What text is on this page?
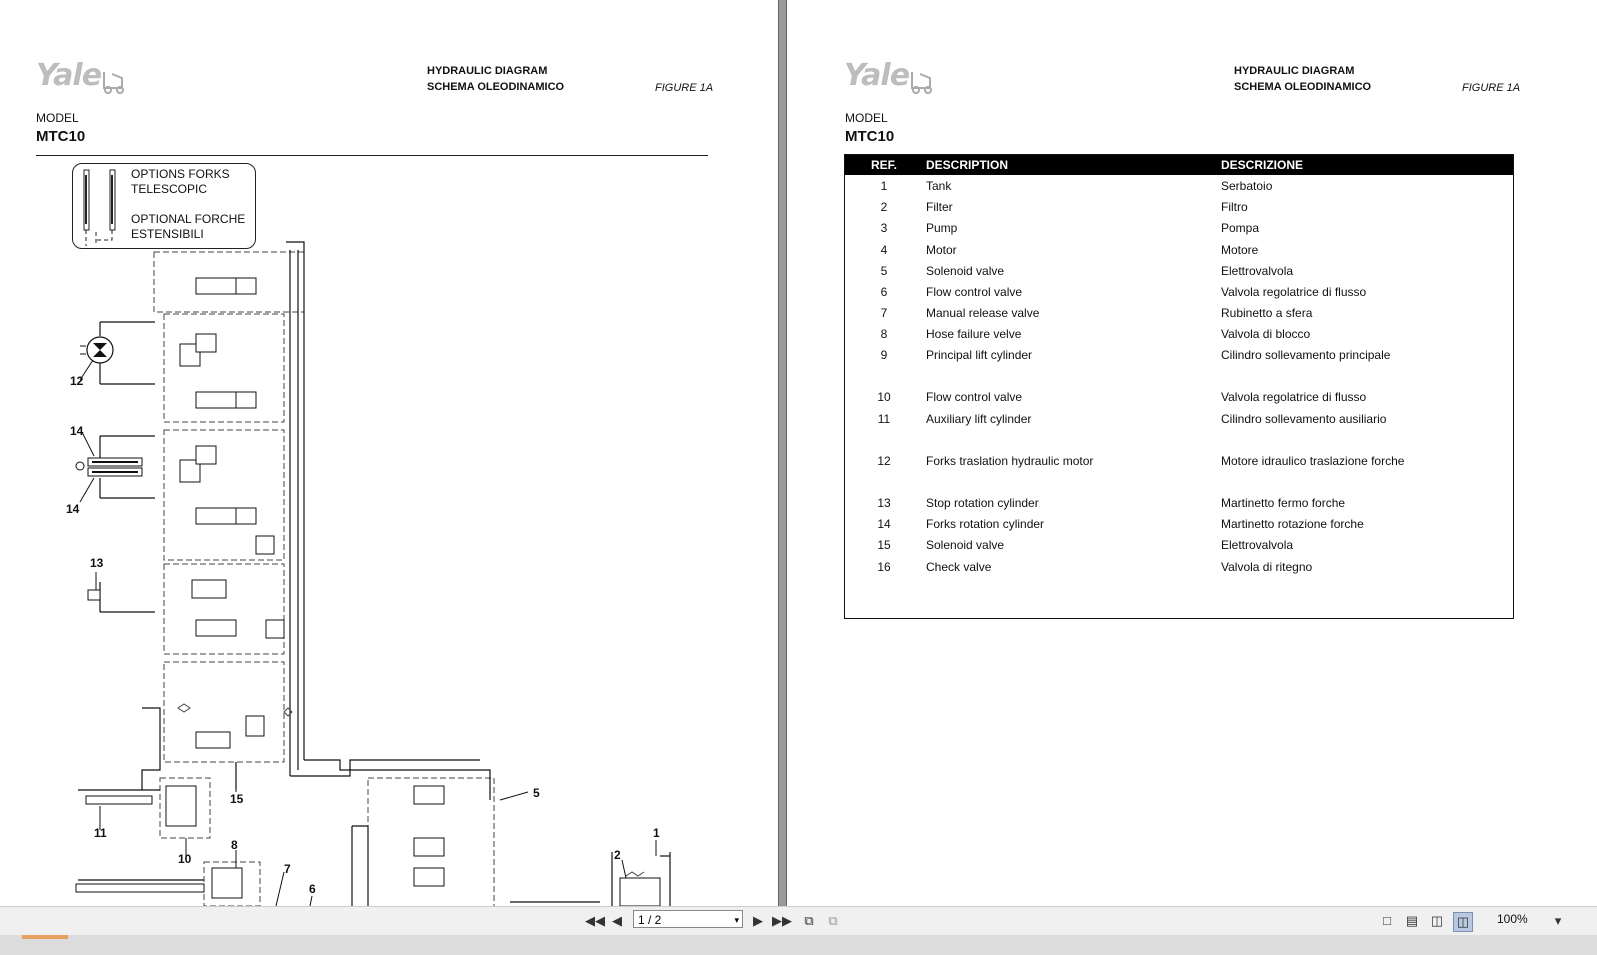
Yale	HYDRAULIC DIAGRAM
SCHEMA OLEODINAMICO	FIGURE 1A
MODEL
MTC10
OPTIONS FORKS
TELESCOPIC
OPTIONAL FORCHE
ESTENSIBILI
1
2
5
6
7
8
10
11
12
13
14
14
15
Yale	HYDRAULIC DIAGRAM
SCHEMA OLEODINAMICO	FIGURE 1A
MODEL
MTC10
REF.	DESCRIPTION	DESCRIZIONE
1	Tank	Serbatoio
2	Filter	Filtro
3	Pump	Pompa
4	Motor	Motore
5	Solenoid valve	Elettrovalvola
6	Flow control valve	Valvola regolatrice di flusso
7	Manual release valve	Rubinetto a sfera
8	Hose failure velve	Valvola di blocco
9	Principal lift cylinder	Cilindro sollevamento principale
10	Flow control valve	Valvola regolatrice di flusso
11	Auxiliary lift cylinder	Cilindro sollevamento ausiliario
12	Forks traslation hydraulic motor	Motore idraulico traslazione forche
13	Stop rotation cylinder	Martinetto fermo forche
14	Forks rotation cylinder	Martinetto rotazione forche
15	Solenoid valve	Elettrovalvola
16	Check valve	Valvola di ritegno
◀◀ ◀	▶ ▶▶ ⧉	⧉	□	▤ ◫ ◫	▾
1 / 2	▾	100%
